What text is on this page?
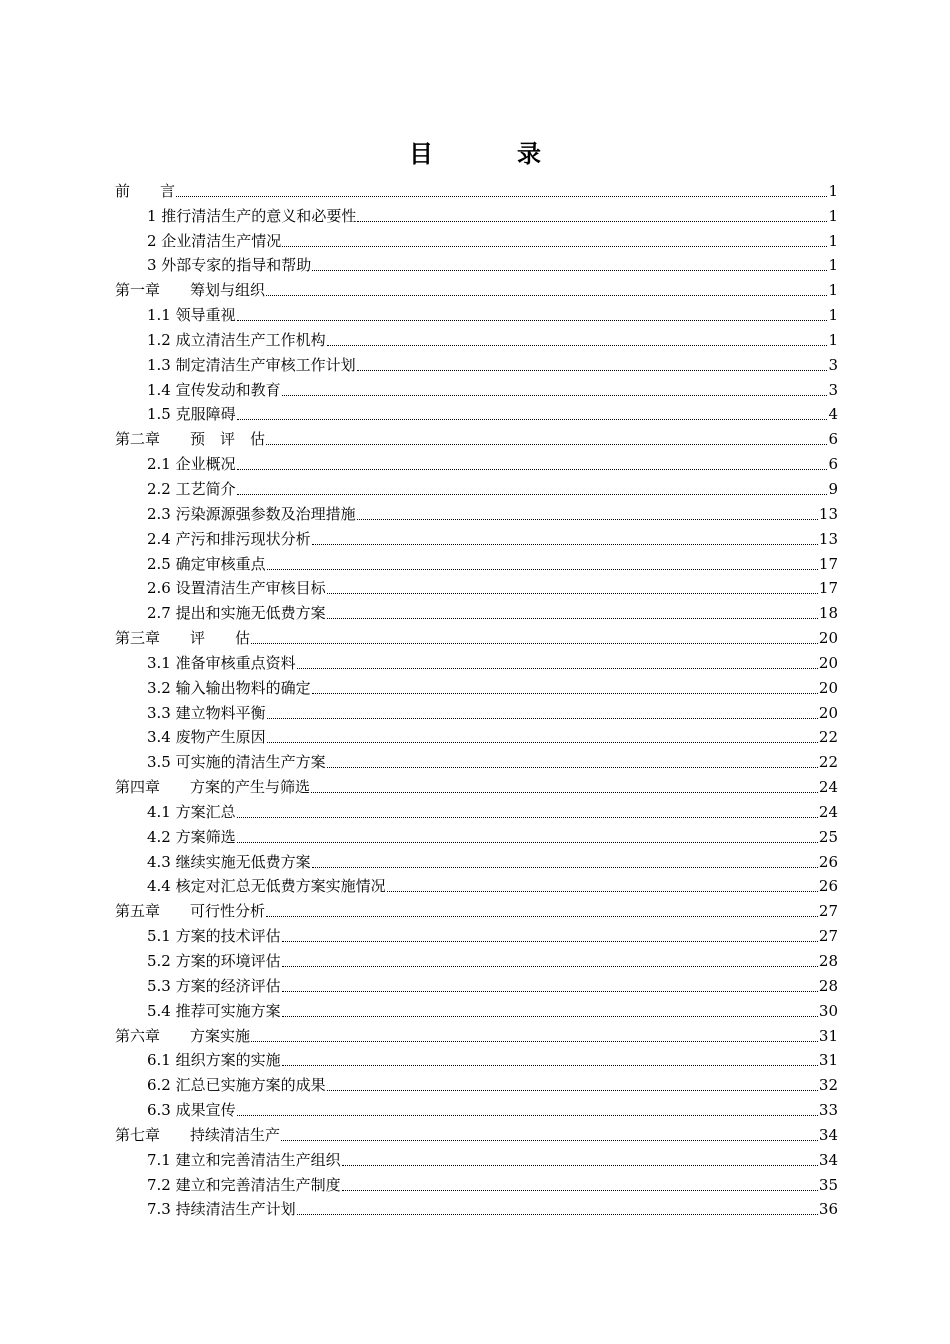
目　录
前　　言	1
1 推行清洁生产的意义和必要性	1
2 企业清洁生产情况	1
3 外部专家的指导和帮助	1
第一章　　筹划与组织	1
1.1 领导重视	1
1.2 成立清洁生产工作机构	1
1.3 制定清洁生产审核工作计划	3
1.4 宣传发动和教育	3
1.5 克服障碍	4
第二章　　预　评　估	6
2.1 企业概况	6
2.2 工艺简介	9
2.3 污染源源强参数及治理措施	13
2.4 产污和排污现状分析	13
2.5 确定审核重点	17
2.6 设置清洁生产审核目标	17
2.7 提出和实施无低费方案	18
第三章　　评　　估	20
3.1 准备审核重点资料	20
3.2 输入输出物料的确定	20
3.3 建立物料平衡	20
3.4 废物产生原因	22
3.5 可实施的清洁生产方案	22
第四章　　方案的产生与筛选	24
4.1 方案汇总	24
4.2 方案筛选	25
4.3 继续实施无低费方案	26
4.4 核定对汇总无低费方案实施情况	26
第五章　　可行性分析	27
5.1 方案的技术评估	27
5.2 方案的环境评估	28
5.3 方案的经济评估	28
5.4 推荐可实施方案	30
第六章　　方案实施	31
6.1 组织方案的实施	31
6.2 汇总已实施方案的成果	32
6.3 成果宣传	33
第七章　　持续清洁生产	34
7.1 建立和完善清洁生产组织	34
7.2 建立和完善清洁生产制度	35
7.3 持续清洁生产计划	36
